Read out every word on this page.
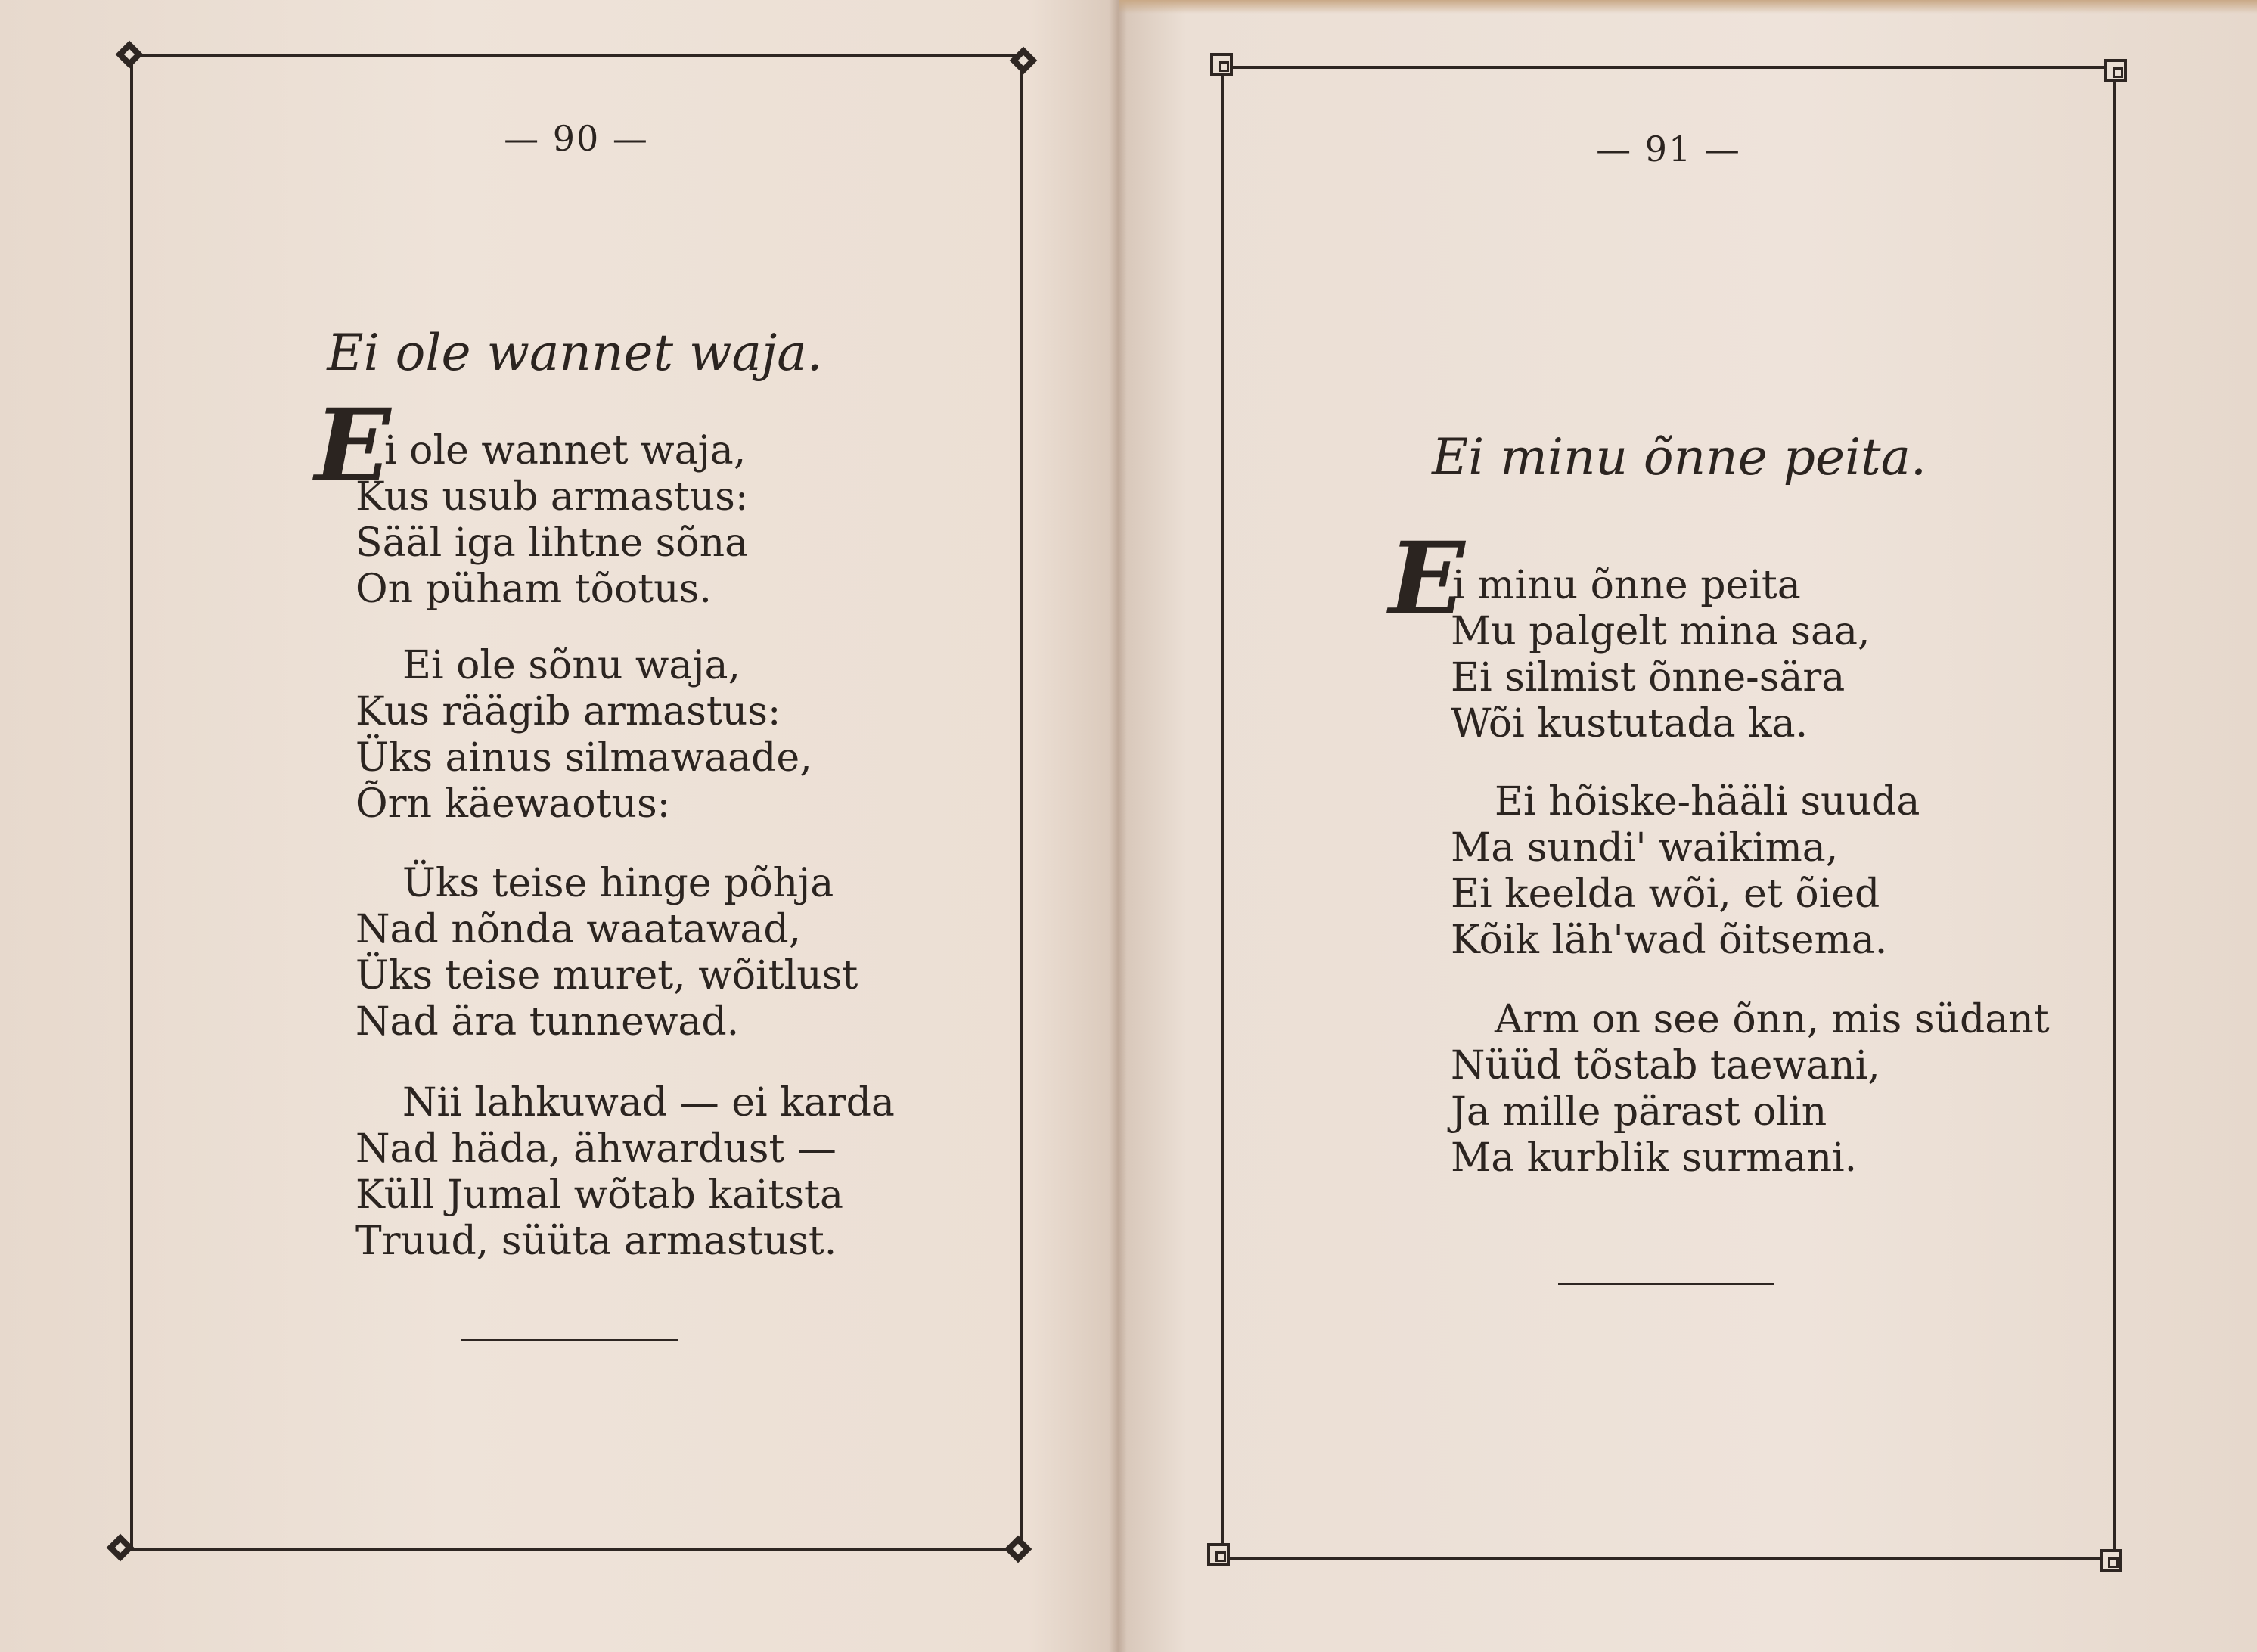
— 90 —
Ei ole wannet waja.
E
i ole wannet waja,
Kus usub armastus:
Sääl iga lihtne sõna
On püham tõotus.
Ei ole sõnu waja,
Kus räägib armastus:
Üks ainus silmawaade,
Õrn käewaotus:
Üks teise hinge põhja
Nad nõnda waatawad,
Üks teise muret, wõitlust
Nad ära tunnewad.
Nii lahkuwad — ei karda
Nad häda, ähwardust —
Küll Jumal wõtab kaitsta
Truud, süüta armastust.
— 91 —
Ei minu õnne peita.
E
i minu õnne peita
Mu palgelt mina saa,
Ei silmist õnne-sära
Wõi kustutada ka.
Ei hõiske-hääli suuda
Ma sundi' waikima,
Ei keelda wõi, et õied
Kõik läh'wad õitsema.
Arm on see õnn, mis südant
Nüüd tõstab taewani,
Ja mille pärast olin
Ma kurblik surmani.
